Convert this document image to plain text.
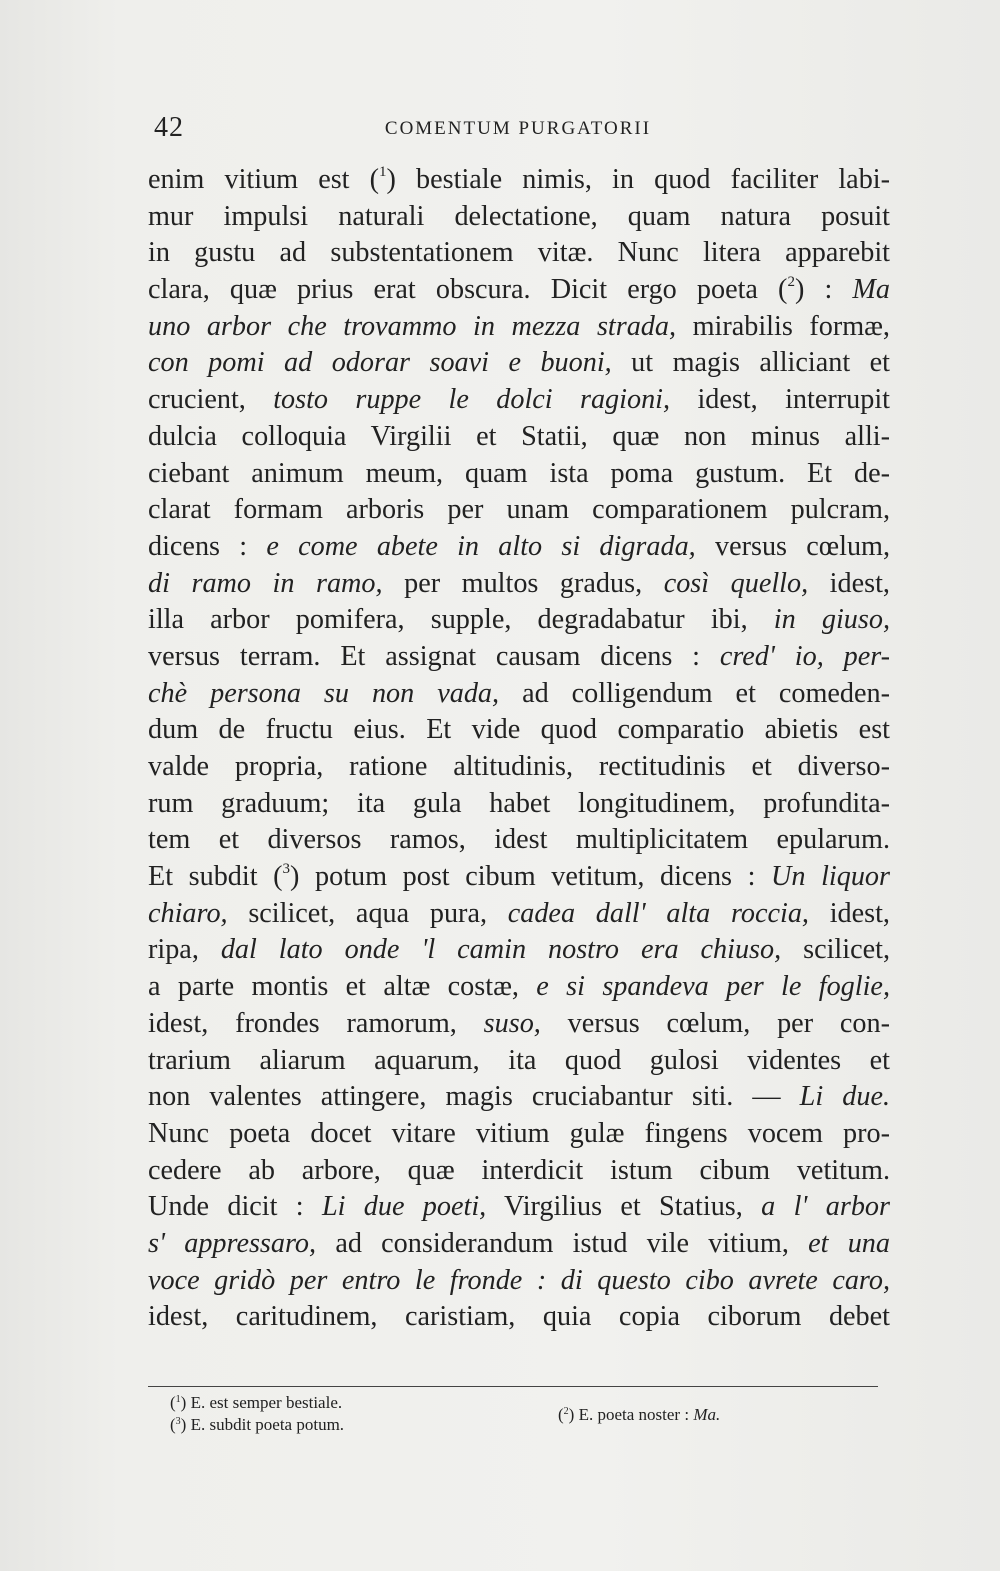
42	COMENTUM PURGATORII
enim vitium est ($^1$) bestiale nimis, in quod faciliter labi-
mur impulsi naturali delectatione, quam natura posuit
in gustu ad substentationem vitæ. Nunc litera apparebit
clara, quæ prius erat obscura. Dicit ergo poeta ($^2$) : Ma
uno arbor che trovammo in mezza strada, mirabilis formæ,
con pomi ad odorar soavi e buoni, ut magis alliciant et
crucient, tosto ruppe le dolci ragioni, idest, interrupit
dulcia colloquia Virgilii et Statii, quæ non minus alli-
ciebant animum meum, quam ista poma gustum. Et de-
clarat formam arboris per unam comparationem pulcram,
dicens : e come abete in alto si digrada, versus cœlum,
di ramo in ramo, per multos gradus, così quello, idest,
illa arbor pomifera, supple, degradabatur ibi, in giuso,
versus terram. Et assignat causam dicens : cred' io, per-
chè persona su non vada, ad colligendum et comeden-
dum de fructu eius. Et vide quod comparatio abietis est
valde propria, ratione altitudinis, rectitudinis et diverso-
rum graduum; ita gula habet longitudinem, profundita-
tem et diversos ramos, idest multiplicitatem epularum.
Et subdit ($^3$) potum post cibum vetitum, dicens : Un liquor
chiaro, scilicet, aqua pura, cadea dall' alta roccia, idest,
ripa, dal lato onde 'l camin nostro era chiuso, scilicet,
a parte montis et altæ costæ, e si spandeva per le foglie,
idest, frondes ramorum, suso, versus cœlum, per con-
trarium aliarum aquarum, ita quod gulosi videntes et
non valentes attingere, magis cruciabantur siti. — Li due.
Nunc poeta docet vitare vitium gulæ fingens vocem pro-
cedere ab arbore, quæ interdicit istum cibum vetitum.
Unde dicit : Li due poeti, Virgilius et Statius, a l' arbor
s' appressaro, ad considerandum istud vile vitium, et una
voce gridò per entro le fronde : di questo cibo avrete caro,
idest, caritudinem, caristiam, quia copia ciborum debet
($^1$) E. est semper bestiale.
($^3$) E. subdit poeta potum.
($^2$) E. poeta noster : Ma.
